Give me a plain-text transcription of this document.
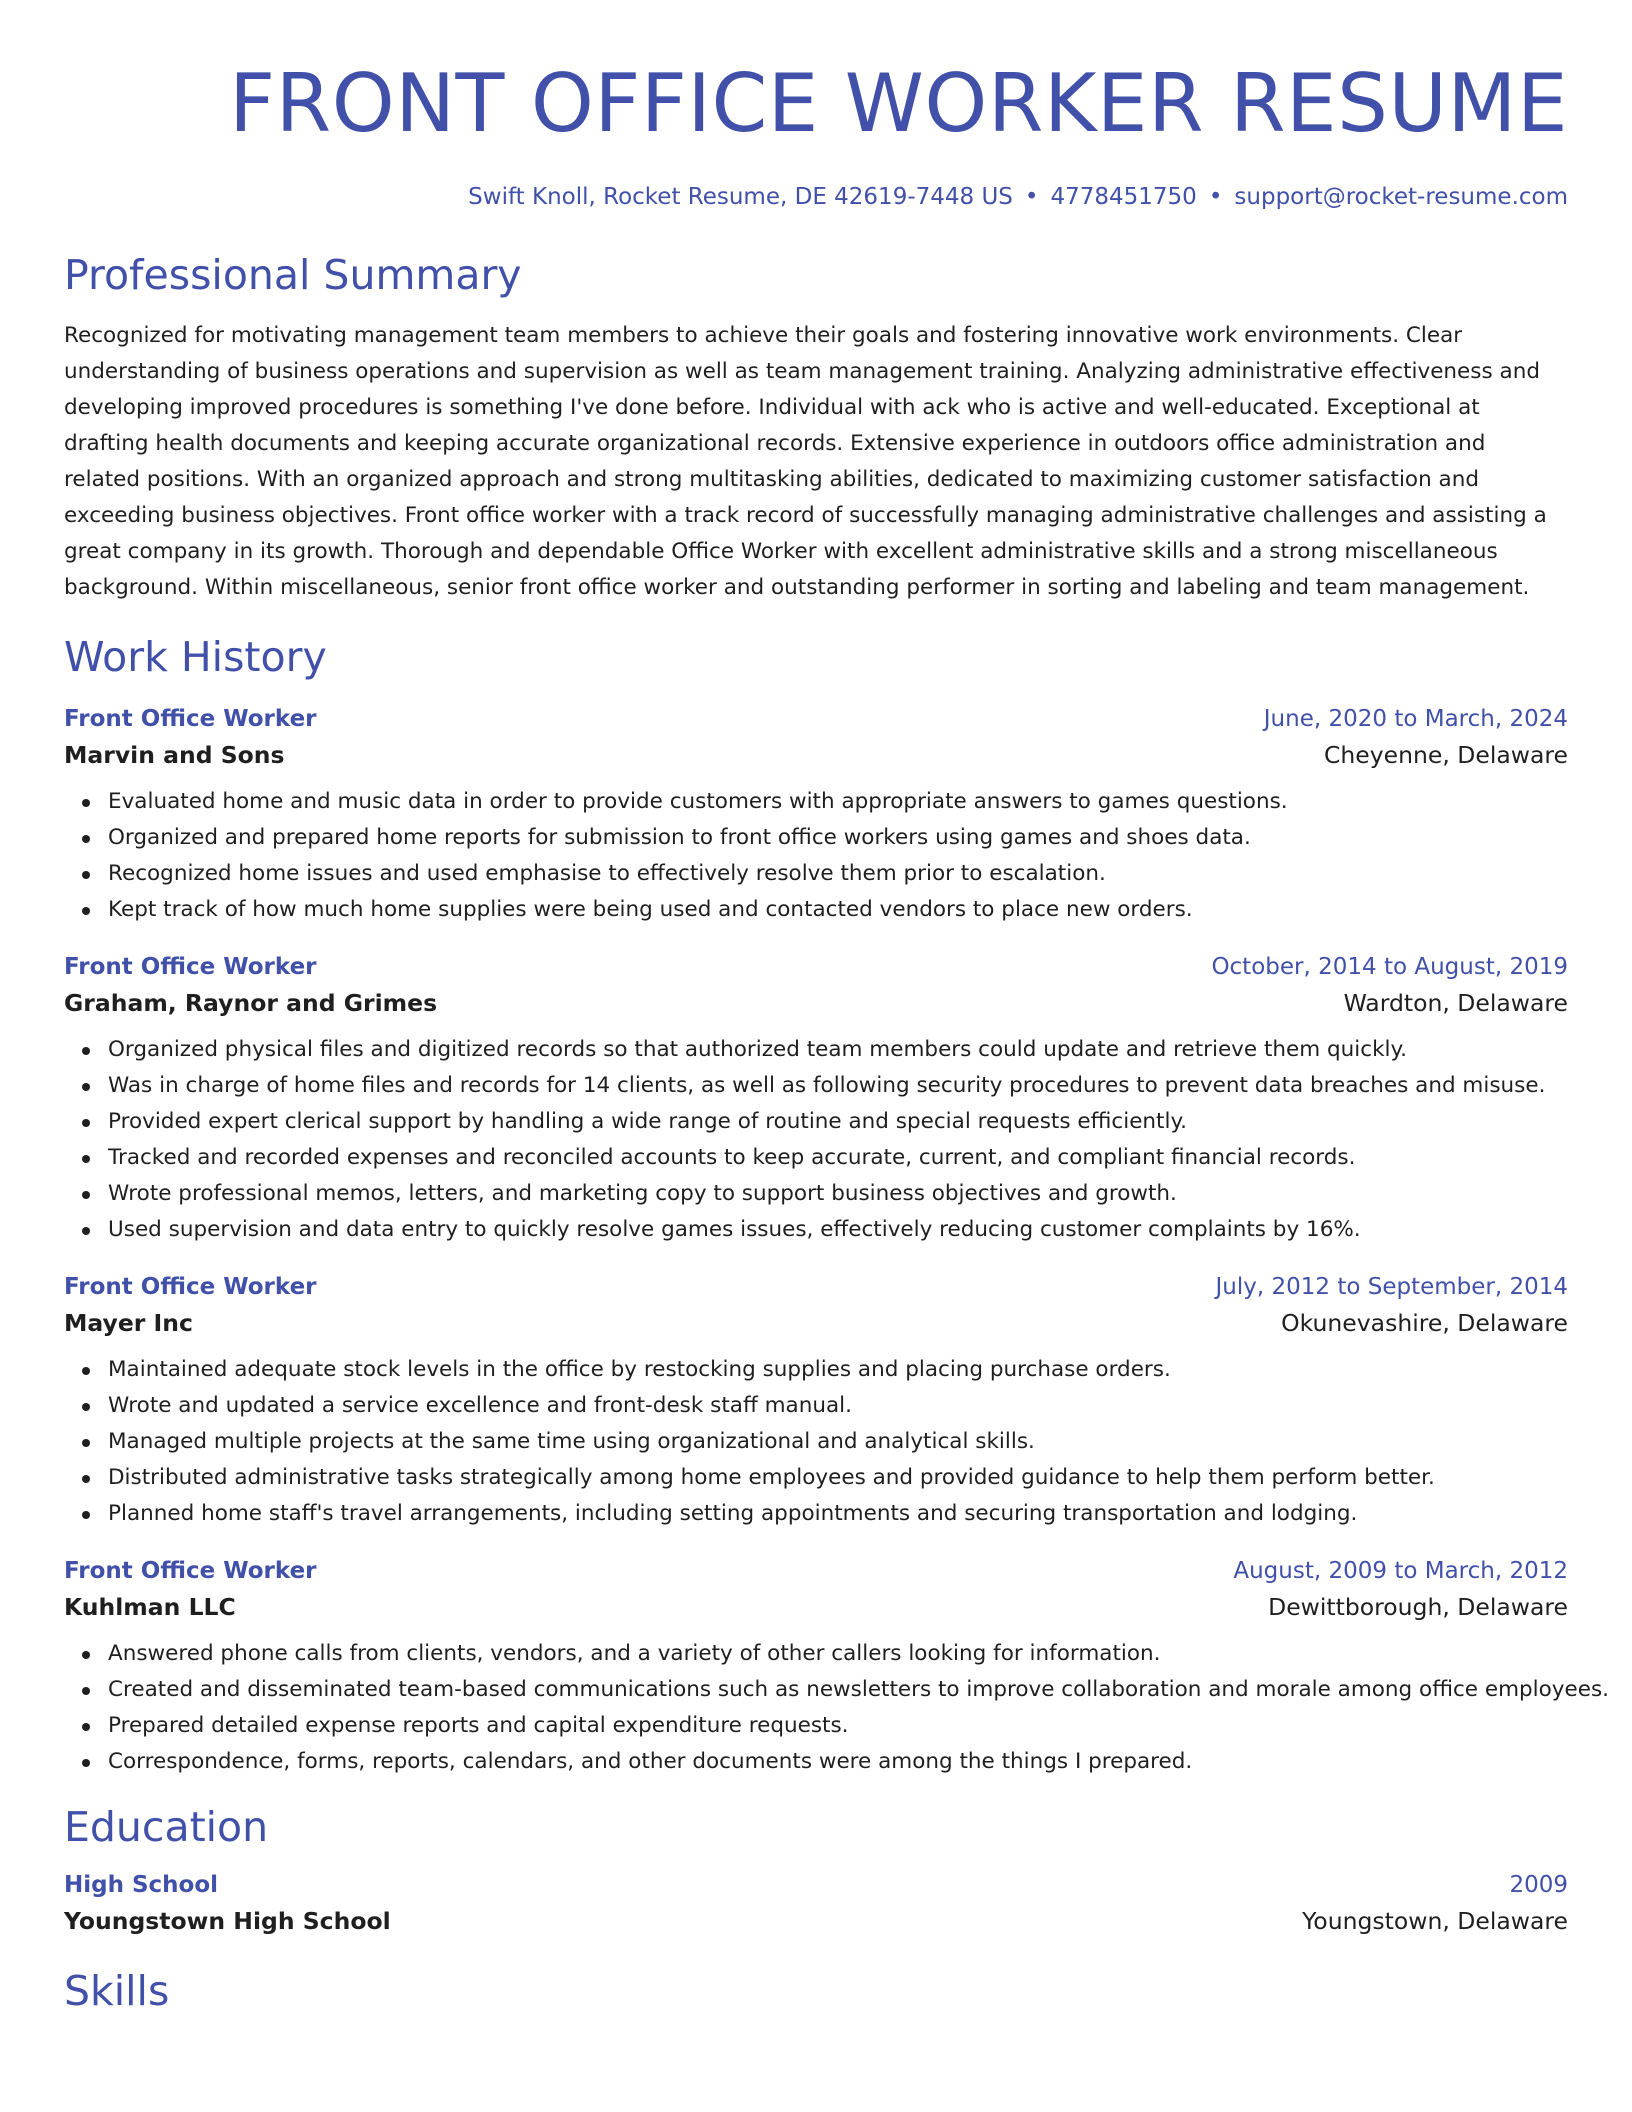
FRONT OFFICE WORKER RESUME
Swift Knoll, Rocket Resume, DE 42619-7448 US • 4778451750 • support@rocket-resume.com
Professional Summary

Recognized for motivating management team members to achieve their goals and fostering innovative work environments. Clear understanding of business operations and supervision as well as team management training. Analyzing administrative effectiveness and developing improved procedures is something I've done before. Individual with ack who is active and well-educated. Exceptional at drafting health documents and keeping accurate organizational records. Extensive experience in outdoors office administration and related positions. With an organized approach and strong multitasking abilities, dedicated to maximizing customer satisfaction and exceeding business objectives. Front office worker with a track record of successfully managing administrative challenges and assisting a great company in its growth. Thorough and dependable Office Worker with excellent administrative skills and a strong miscellaneous background. Within miscellaneous, senior front office worker and outstanding performer in sorting and labeling and team management.

Work History
Front Office Worker	June, 2020 to March, 2024
Marvin and Sons	Cheyenne, Delaware
Evaluated home and music data in order to provide customers with appropriate answers to games questions.
Organized and prepared home reports for submission to front office workers using games and shoes data.
Recognized home issues and used emphasise to effectively resolve them prior to escalation.
Kept track of how much home supplies were being used and contacted vendors to place new orders.
Front Office Worker	October, 2014 to August, 2019
Graham, Raynor and Grimes	Wardton, Delaware
Organized physical files and digitized records so that authorized team members could update and retrieve them quickly.
Was in charge of home files and records for 14 clients, as well as following security procedures to prevent data breaches and misuse.
Provided expert clerical support by handling a wide range of routine and special requests efficiently.
Tracked and recorded expenses and reconciled accounts to keep accurate, current, and compliant financial records.
Wrote professional memos, letters, and marketing copy to support business objectives and growth.
Used supervision and data entry to quickly resolve games issues, effectively reducing customer complaints by 16%.
Front Office Worker	July, 2012 to September, 2014
Mayer Inc	Okunevashire, Delaware
Maintained adequate stock levels in the office by restocking supplies and placing purchase orders.
Wrote and updated a service excellence and front-desk staff manual.
Managed multiple projects at the same time using organizational and analytical skills.
Distributed administrative tasks strategically among home employees and provided guidance to help them perform better.
Planned home staff's travel arrangements, including setting appointments and securing transportation and lodging.
Front Office Worker	August, 2009 to March, 2012
Kuhlman LLC	Dewittborough, Delaware
Answered phone calls from clients, vendors, and a variety of other callers looking for information.
Created and disseminated team-based communications such as newsletters to improve collaboration and morale among office employees.
Prepared detailed expense reports and capital expenditure requests.
Correspondence, forms, reports, calendars, and other documents were among the things I prepared.
Education
High School	2009
Youngstown High School	Youngstown, Delaware
Skills
